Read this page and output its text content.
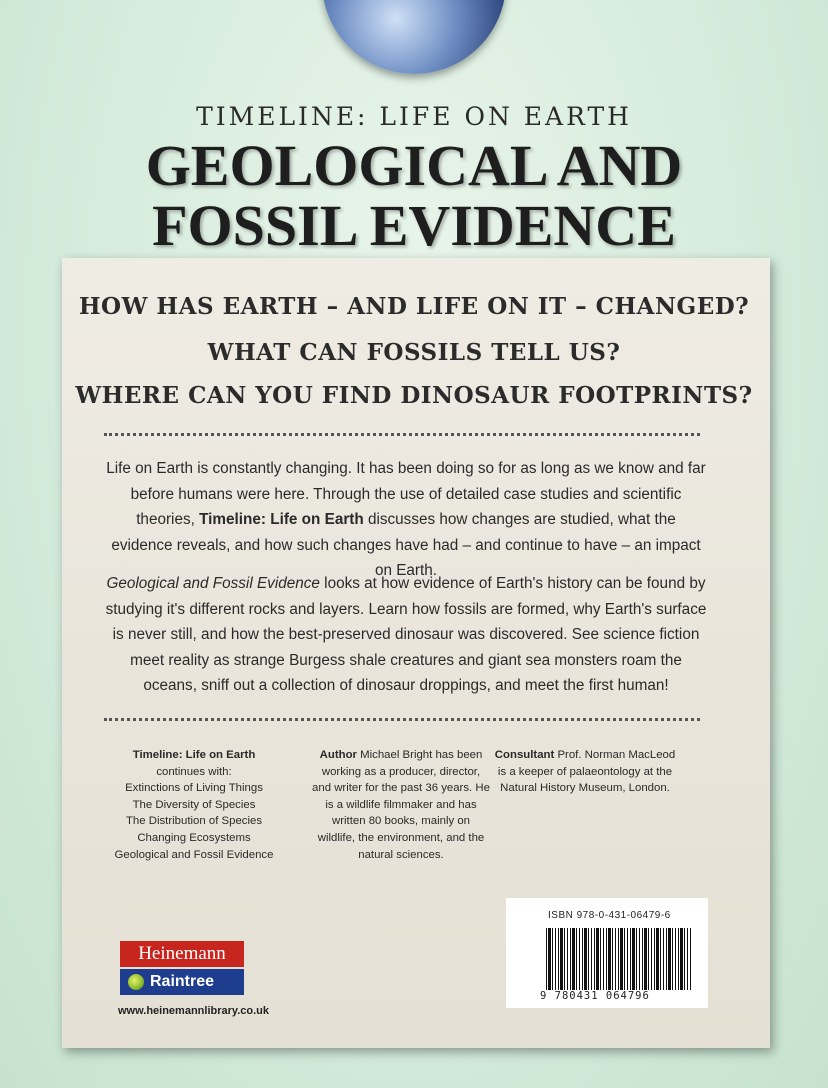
TIMELINE: LIFE ON EARTH
GEOLOGICAL AND
FOSSIL EVIDENCE
HOW HAS EARTH – AND LIFE ON IT – CHANGED?
WHAT CAN FOSSILS TELL US?
WHERE CAN YOU FIND DINOSAUR FOOTPRINTS?
Life on Earth is constantly changing. It has been doing so for as long as we know and far before humans were here. Through the use of detailed case studies and scientific theories, Timeline: Life on Earth discusses how changes are studied, what the evidence reveals, and how such changes have had – and continue to have – an impact on Earth.
Geological and Fossil Evidence looks at how evidence of Earth's history can be found by studying it's different rocks and layers. Learn how fossils are formed, why Earth's surface is never still, and how the best-preserved dinosaur was discovered. See science fiction meet reality as strange Burgess shale creatures and giant sea monsters roam the oceans, sniff out a collection of dinosaur droppings, and meet the first human!
Timeline: Life on Earth
continues with:
Extinctions of Living Things
The Diversity of Species
The Distribution of Species
Changing Ecosystems
Geological and Fossil Evidence
Author Michael Bright has been working as a producer, director, and writer for the past 36 years. He is a wildlife filmmaker and has written 80 books, mainly on wildlife, the environment, and the natural sciences.
Consultant Prof. Norman MacLeod is a keeper of palaeontology at the Natural History Museum, London.
ISBN 978-0-431-06479-6
9 780431 064796
Heinemann
Raintree
www.heinemannlibrary.co.uk
